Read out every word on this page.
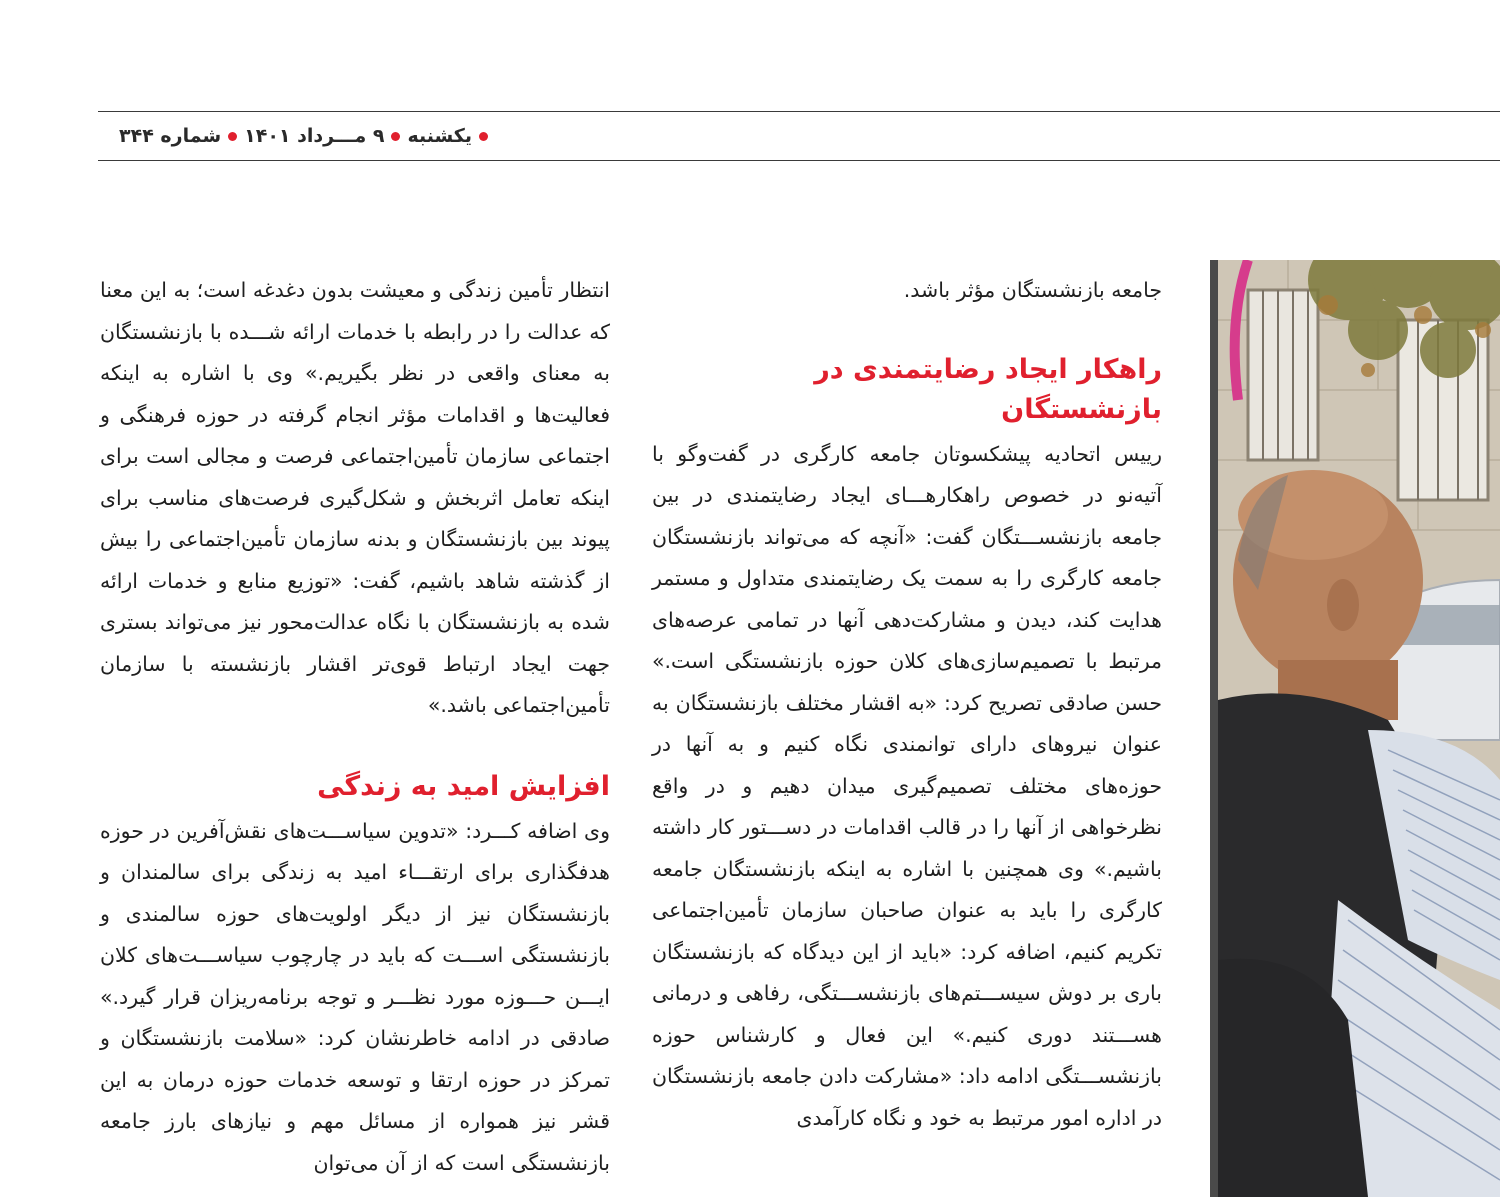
یکشنبه
۹ مـــرداد ۱۴۰۱
شماره ۳۴۴

جامعه بازنشستگان مؤثر باشد.

راهکار ایجاد رضایتمندی در بازنشستگان

رییس اتحادیه پیشکسوتان جامعه کارگری در گفت‌وگو با آتیه‌نو در خصوص راهکارهـــای ایجاد رضایتمندی در بین جامعه بازنشســـتگان گفت: «آنچه که می‌تواند بازنشستگان جامعه کارگری را به سمت یک رضایتمندی متداول و مستمر هدایت کند، دیدن و مشارکت‌دهی آنها در تمامی عرصه‌های مرتبط با تصمیم‌سازی‌های کلان حوزه بازنشستگی است.» حسن صادقی تصریح کرد: «به اقشار مختلف بازنشستگان به عنوان نیروهای دارای توانمندی نگاه کنیم و به آنها در حوزه‌های مختلف تصمیم‌گیری میدان دهیم و در واقع نظرخواهی از آنها را در قالب اقدامات در دســـتور کار داشته باشیم.» وی همچنین با اشاره به اینکه بازنشستگان جامعه کارگری را باید به عنوان صاحبان سازمان تأمین‌اجتماعی تکریم کنیم، اضافه کرد: «باید از این دیدگاه که بازنشستگان باری بر دوش سیســـتم‌های بازنشســـتگی، رفاهی و درمانی هســـتند دوری کنیم.» این فعال و کارشناس حوزه بازنشســـتگی ادامه داد: «مشارکت دادن جامعه بازنشستگان در اداره امور مرتبط به خود و نگاه کارآمدی

انتظار تأمین زندگی و معیشت بدون دغدغه است؛ به این معنا که عدالت را در رابطه با خدمات ارائه شـــده با بازنشستگان به معنای واقعی در نظر بگیریم.» وی با اشاره به اینکه فعالیت‌ها و اقدامات مؤثر انجام گرفته در حوزه فرهنگی و اجتماعی سازمان تأمین‌اجتماعی فرصت و مجالی است برای اینکه تعامل اثربخش و شکل‌گیری فرصت‌های مناسب برای پیوند بین بازنشستگان و بدنه سازمان تأمین‌اجتماعی را بیش از گذشته شاهد باشیم، گفت: «توزیع منابع و خدمات ارائه شده به بازنشستگان با نگاه عدالت‌محور نیز می‌تواند بستری جهت ایجاد ارتباط قوی‌تر اقشار بازنشسته با سازمان تأمین‌اجتماعی باشد.»

افزایش امید به زندگی

وی اضافه کـــرد: «تدوین سیاســـت‌های نقش‌آفرین در حوزه هدفگذاری برای ارتقـــاء امید به زندگی برای سالمندان و بازنشستگان نیز از دیگر اولویت‌های حوزه سالمندی و بازنشستگی اســـت که باید در چارچوب سیاســـت‌های کلان ایـــن حـــوزه مورد نظـــر و توجه برنامه‌ریزان قرار گیرد.» صادقی در ادامه خاطرنشان کرد: «سلامت بازنشستگان و تمرکز در حوزه ارتقا و توسعه خدمات حوزه درمان به این قشر نیز همواره از مسائل مهم و نیازهای بارز جامعه بازنشستگی است که از آن می‌توان
